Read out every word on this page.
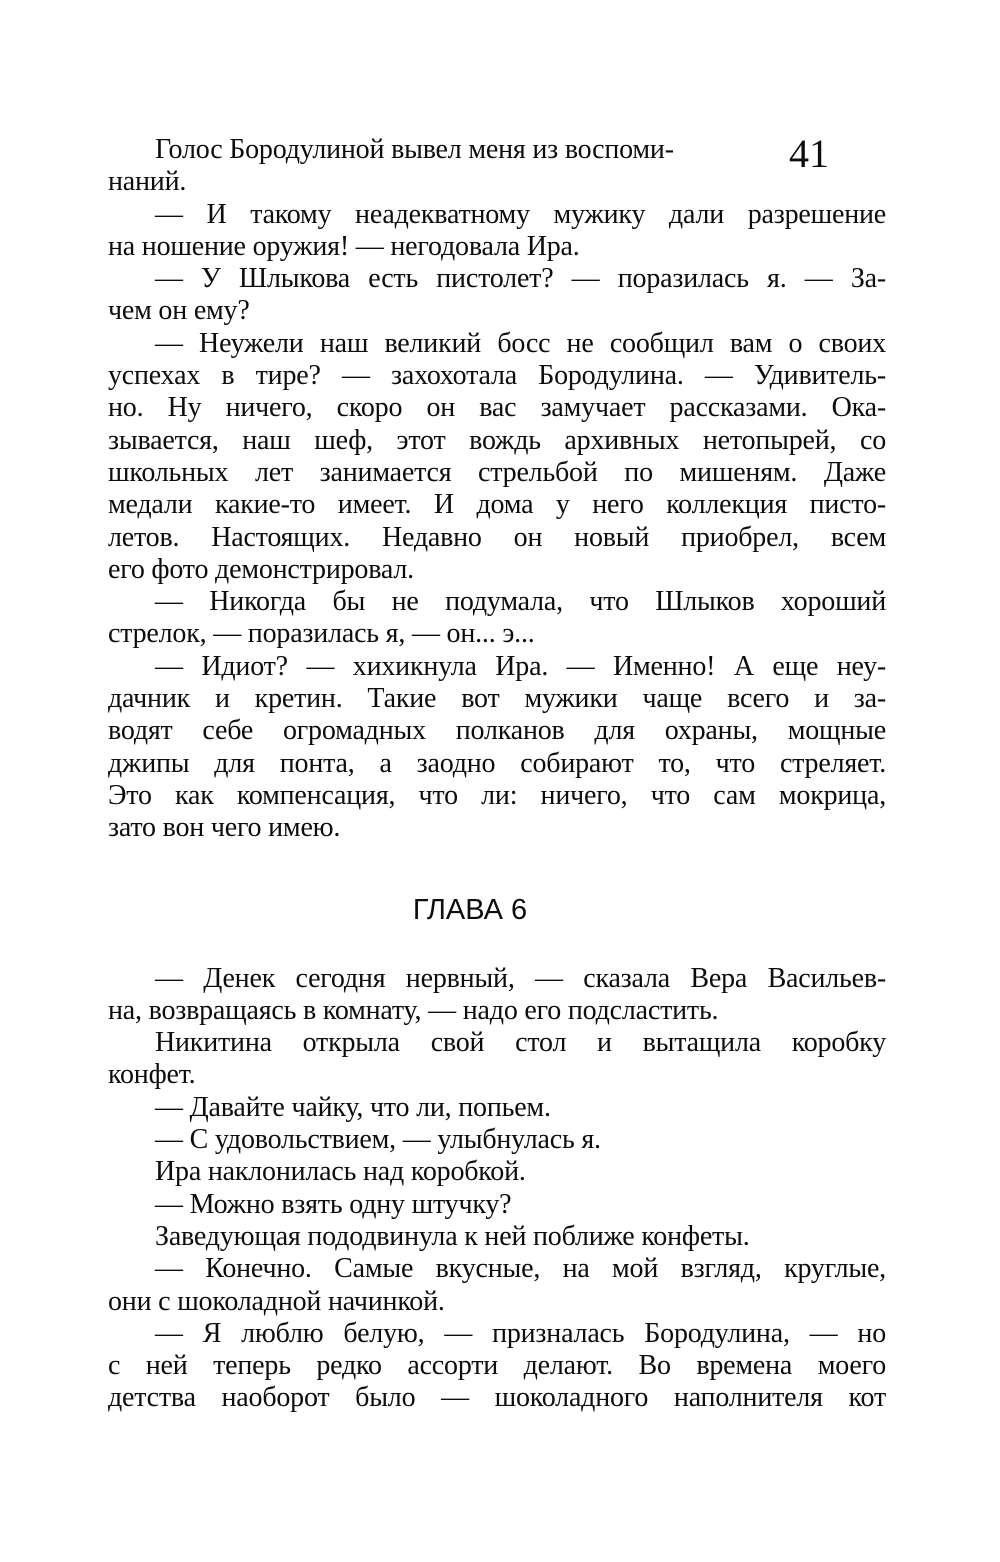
41
Голос Бородулиной вывел меня из воспоми-
наний.
— И такому неадекватному мужику дали разрешение
на ношение оружия! — негодовала Ира.
— У Шлыкова есть пистолет? — поразилась я. — За-
чем он ему?
— Неужели наш великий босс не сообщил вам о своих
успехах в тире? — захохотала Бородулина. — Удивитель-
но. Ну ничего, скоро он вас замучает рассказами. Ока-
зывается, наш шеф, этот вождь архивных нетопырей, со
школьных лет занимается стрельбой по мишеням. Даже
медали какие-то имеет. И дома у него коллекция писто-
летов. Настоящих. Недавно он новый приобрел, всем
его фото демонстрировал.
— Никогда бы не подумала, что Шлыков хороший
стрелок, — поразилась я, — он... э...
— Идиот? — хихикнула Ира. — Именно! А еще неу-
дачник и кретин. Такие вот мужики чаще всего и за-
водят себе огромадных полканов для охраны, мощные
джипы для понта, а заодно собирают то, что стреляет.
Это как компенсация, что ли: ничего, что сам мокрица,
зато вон чего имею.
ГЛАВА 6
— Денек сегодня нервный, — сказала Вера Васильев-
на, возвращаясь в комнату, — надо его подсластить.
Никитина открыла свой стол и вытащила коробку
конфет.
— Давайте чайку, что ли, попьем.
— С удовольствием, — улыбнулась я.
Ира наклонилась над коробкой.
— Можно взять одну штучку?
Заведующая пододвинула к ней поближе конфеты.
— Конечно. Самые вкусные, на мой взгляд, круглые,
они с шоколадной начинкой.
— Я люблю белую, — призналась Бородулина, — но
с ней теперь редко ассорти делают. Во времена моего
детства наоборот было — шоколадного наполнителя кот
